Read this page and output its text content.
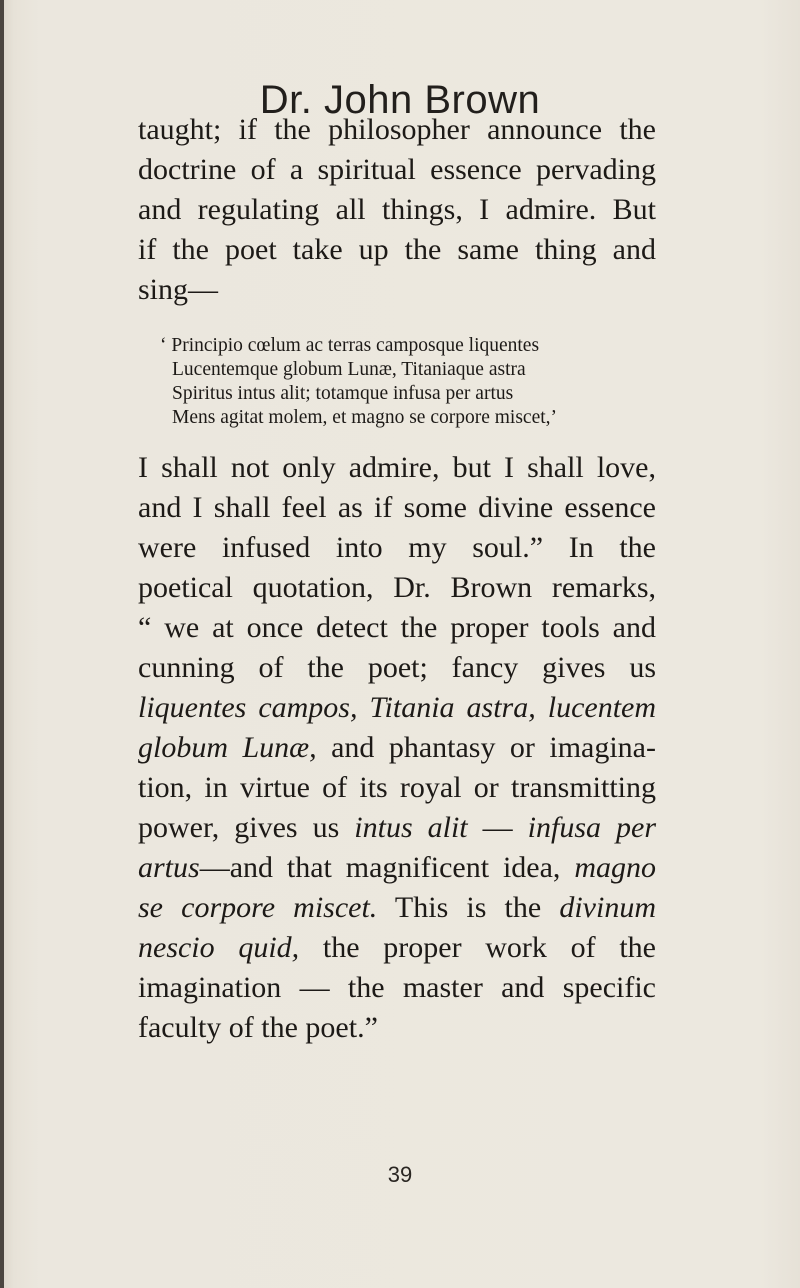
Dr. John Brown
taught; if the philosopher announce the
doctrine of a spiritual essence pervading
and regulating all things, I admire. But
if the poet take up the same thing and
sing—
‘ Principio cœlum ac terras camposque liquentes
Lucentemque globum Lunæ, Titaniaque astra
Spiritus intus alit; totamque infusa per artus
Mens agitat molem, et magno se corpore miscet,’
I shall not only admire, but I shall love,
and I shall feel as if some divine essence
were infused into my soul.” In the
poetical quotation, Dr. Brown remarks,
“ we at once detect the proper tools and
cunning of the poet; fancy gives us
liquentes campos, Titania astra, lucentem
globum Lunæ, and phantasy or imagina-
tion, in virtue of its royal or transmitting
power, gives us intus alit — infusa per
artus—and that magnificent idea, magno
se corpore miscet. This is the divinum
nescio quid, the proper work of the
imagination — the master and specific
faculty of the poet.”
39
